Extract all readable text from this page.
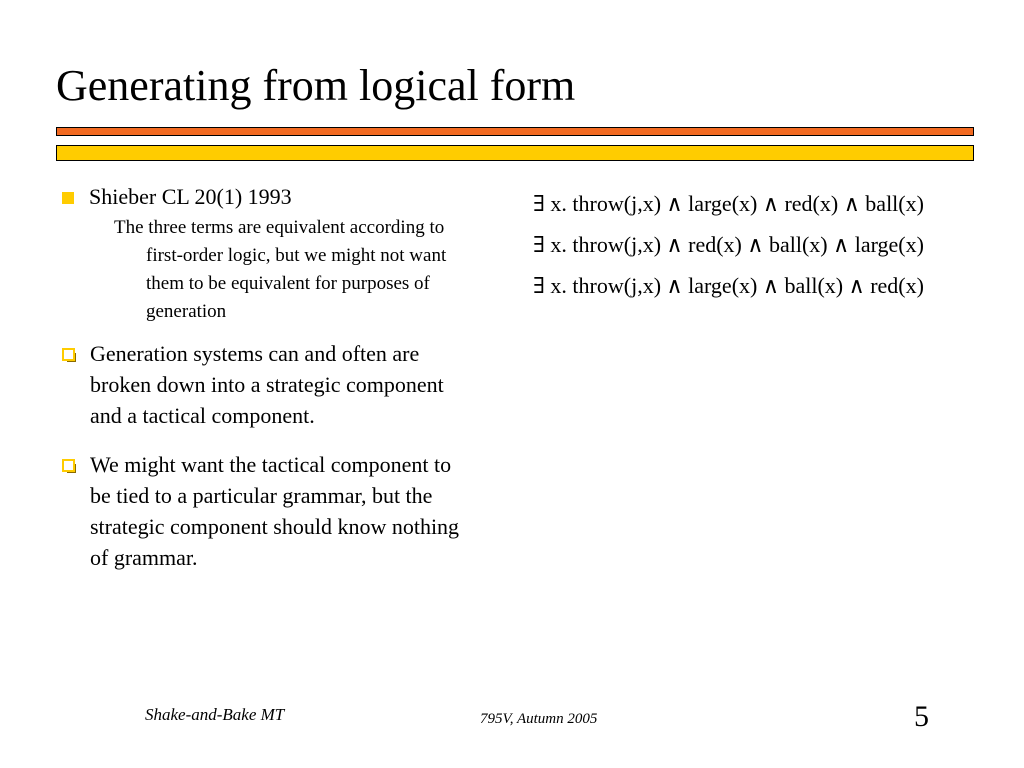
Generating from logical form
Shieber CL 20(1) 1993
The three terms are equivalent according to first-order logic, but we might not want them to be equivalent for purposes of generation
Generation systems can and often are broken down into a strategic component and a tactical component.
We might want the tactical component to be tied to a particular grammar, but the strategic component should know nothing of grammar.
∃ x. throw(j,x) ∧ large(x) ∧ red(x) ∧ ball(x)
∃ x. throw(j,x) ∧ red(x) ∧ ball(x) ∧ large(x)
∃ x. throw(j,x) ∧ large(x) ∧ ball(x) ∧ red(x)
Shake-and-Bake MT	795V, Autumn 2005	5
